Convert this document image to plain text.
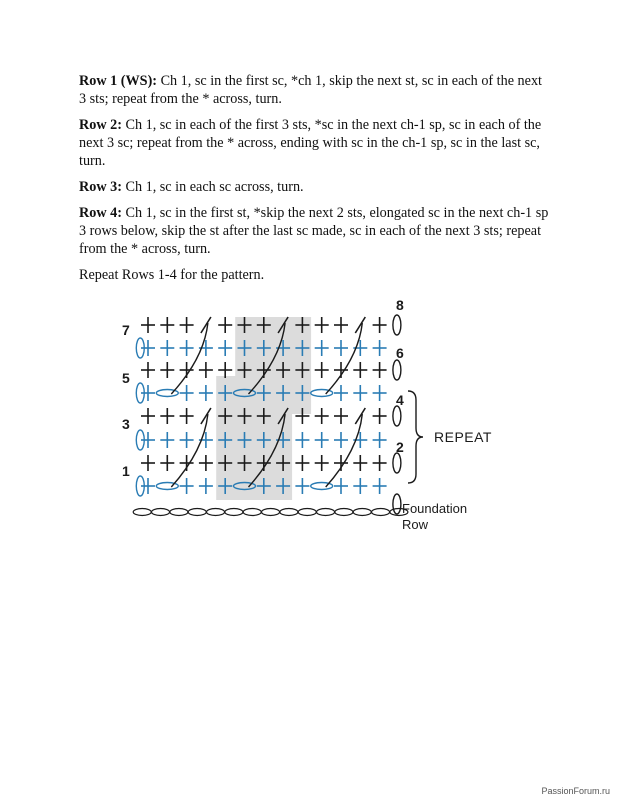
Row 1 (WS): Ch 1, sc in the first sc, *ch 1, skip the next st, sc in each of the next 3 sts; repeat from the * across, turn.

Row 2: Ch 1, sc in each of the first 3 sts, *sc in the next ch-1 sp, sc in each of the next 3 sc; repeat from the * across, ending with sc in the ch-1 sp, sc in the last sc, turn.

Row 3: Ch 1, sc in each sc across, turn.

Row 4: Ch 1, sc in the first st, *skip the next 2 sts, elongated sc in the next ch-1 sp 3 rows below, skip the st after the last sc made, sc in each of the next 3 sts; repeat from the * across, turn.

Repeat Rows 1-4 for the pattern.

7
5
3
1
8
6
4
2
REPEAT
Foundation
Row
PassionForum.ru
